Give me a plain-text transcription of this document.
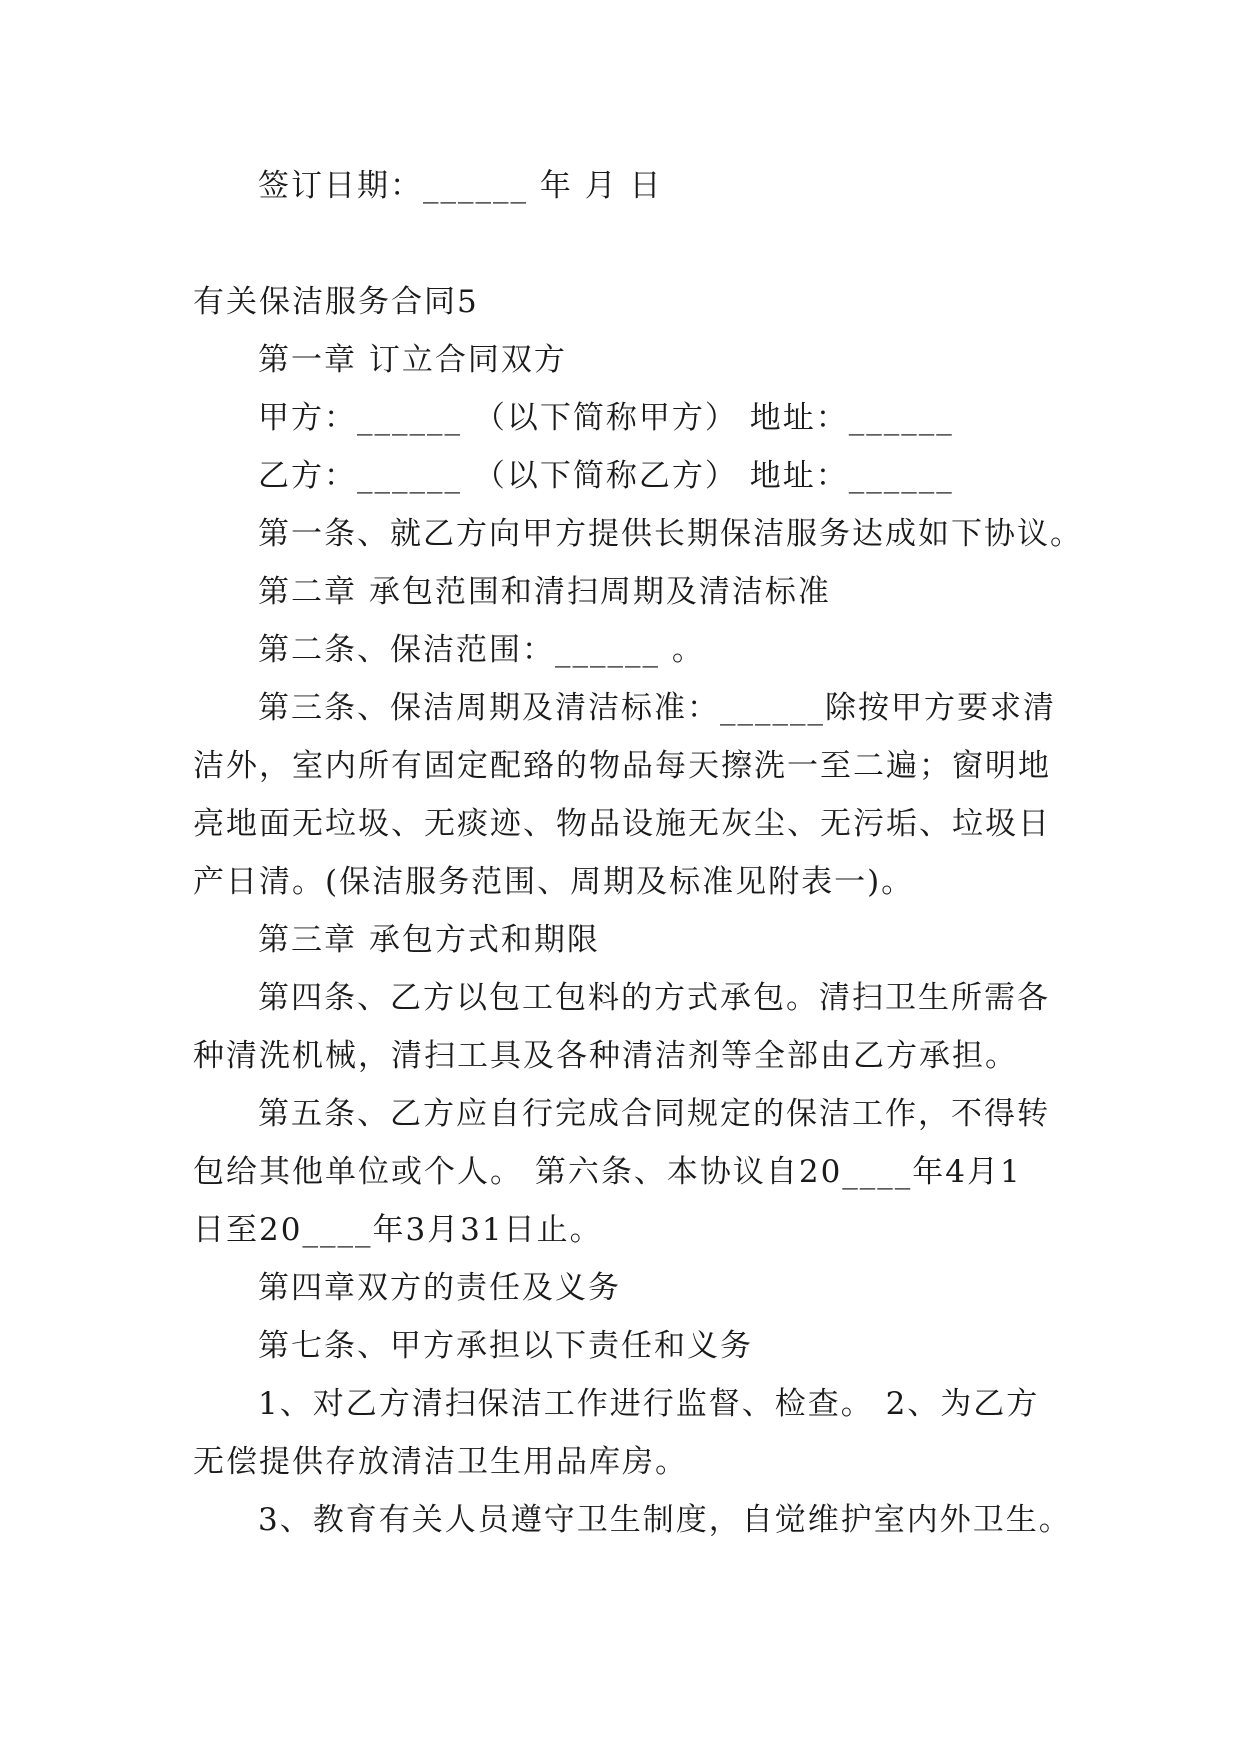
签订日期：______ 年 月 日
有关保洁服务合同5
第一章 订立合同双方
甲方：______ （以下简称甲方） 地址：______
乙方：______ （以下简称乙方） 地址：______
第一条、就乙方向甲方提供长期保洁服务达成如下协议。
第二章 承包范围和清扫周期及清洁标准
第二条、保洁范围：______ 。
第三条、保洁周期及清洁标准：______除按甲方要求清
洁外，室内所有固定配臵的物品每天擦洗一至二遍；窗明地
亮地面无垃圾、无痰迹、物品设施无灰尘、无污垢、垃圾日
产日清。(保洁服务范围、周期及标准见附表一)。
第三章 承包方式和期限
第四条、乙方以包工包料的方式承包。清扫卫生所需各
种清洗机械，清扫工具及各种清洁剂等全部由乙方承担。
第五条、乙方应自行完成合同规定的保洁工作，不得转
包给其他单位或个人。 第六条、本协议自20____年4月1
日至20____年3月31日止。
第四章双方的责任及义务
第七条、甲方承担以下责任和义务
1、对乙方清扫保洁工作进行监督、检查。 2、为乙方
无偿提供存放清洁卫生用品库房。
3、教育有关人员遵守卫生制度，自觉维护室内外卫生。
